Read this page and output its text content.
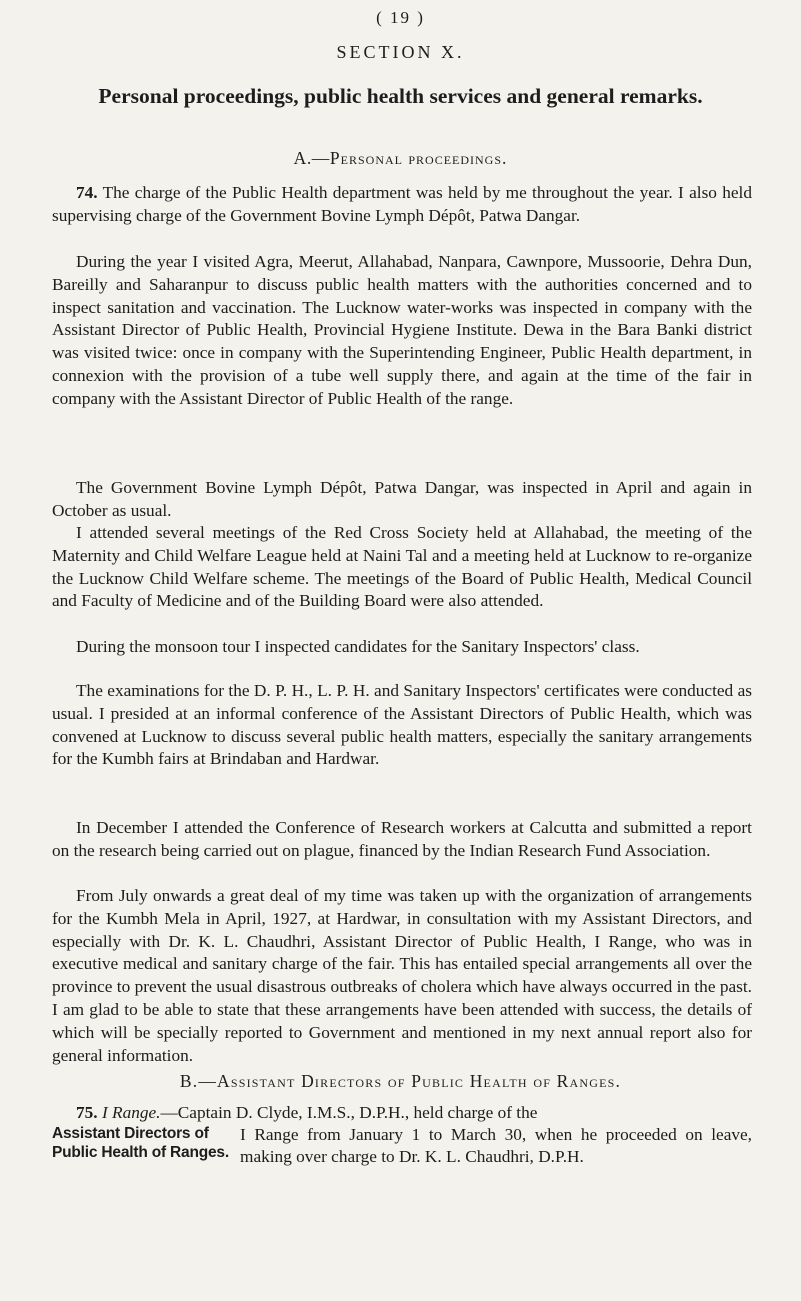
( 19 )
SECTION X.
Personal proceedings, public health services and general remarks.
A.—Personal proceedings.

74. The charge of the Public Health department was held by me throughout the year. I also held supervising charge of the Government Bovine Lymph Dépôt, Patwa Dangar.

During the year I visited Agra, Meerut, Allahabad, Nanpara, Cawnpore, Mussoorie, Dehra Dun, Bareilly and Saharanpur to discuss public health matters with the authorities concerned and to inspect sanitation and vaccination. The Lucknow water-works was inspected in company with the Assistant Director of Public Health, Provincial Hygiene Institute. Dewa in the Bara Banki district was visited twice: once in company with the Superintending Engineer, Public Health department, in connexion with the provision of a tube well supply there, and again at the time of the fair in company with the Assistant Director of Public Health of the range.

The Government Bovine Lymph Dépôt, Patwa Dangar, was inspected in April and again in October as usual.

I attended several meetings of the Red Cross Society held at Allahabad, the meeting of the Maternity and Child Welfare League held at Naini Tal and a meeting held at Lucknow to re-organize the Lucknow Child Welfare scheme. The meetings of the Board of Public Health, Medical Council and Faculty of Medicine and of the Building Board were also attended.

During the monsoon tour I inspected candidates for the Sanitary Inspectors' class.

The examinations for the D. P. H., L. P. H. and Sanitary Inspectors' certificates were conducted as usual. I presided at an informal conference of the Assistant Directors of Public Health, which was convened at Lucknow to discuss several public health matters, especially the sanitary arrangements for the Kumbh fairs at Brindaban and Hardwar.

In December I attended the Conference of Research workers at Calcutta and submitted a report on the research being carried out on plague, financed by the Indian Research Fund Association.

From July onwards a great deal of my time was taken up with the organization of arrangements for the Kumbh Mela in April, 1927, at Hardwar, in consultation with my Assistant Directors, and especially with Dr. K. L. Chaudhri, Assistant Director of Public Health, I Range, who was in executive medical and sanitary charge of the fair. This has entailed special arrangements all over the province to prevent the usual disastrous outbreaks of cholera which have always occurred in the past. I am glad to be able to state that these arrangements have been attended with success, the details of which will be specially reported to Government and mentioned in my next annual report also for general information.

B.—Assistant Directors of Public Health of Ranges.

75. I Range.—Captain D. Clyde, I.M.S., D.P.H., held charge of the

I Range from January 1 to March 30, when he proceeded on leave, making over charge to Dr. K. L. Chaudhri, D.P.H.

Assistant Directors of Public Health of Ranges.
